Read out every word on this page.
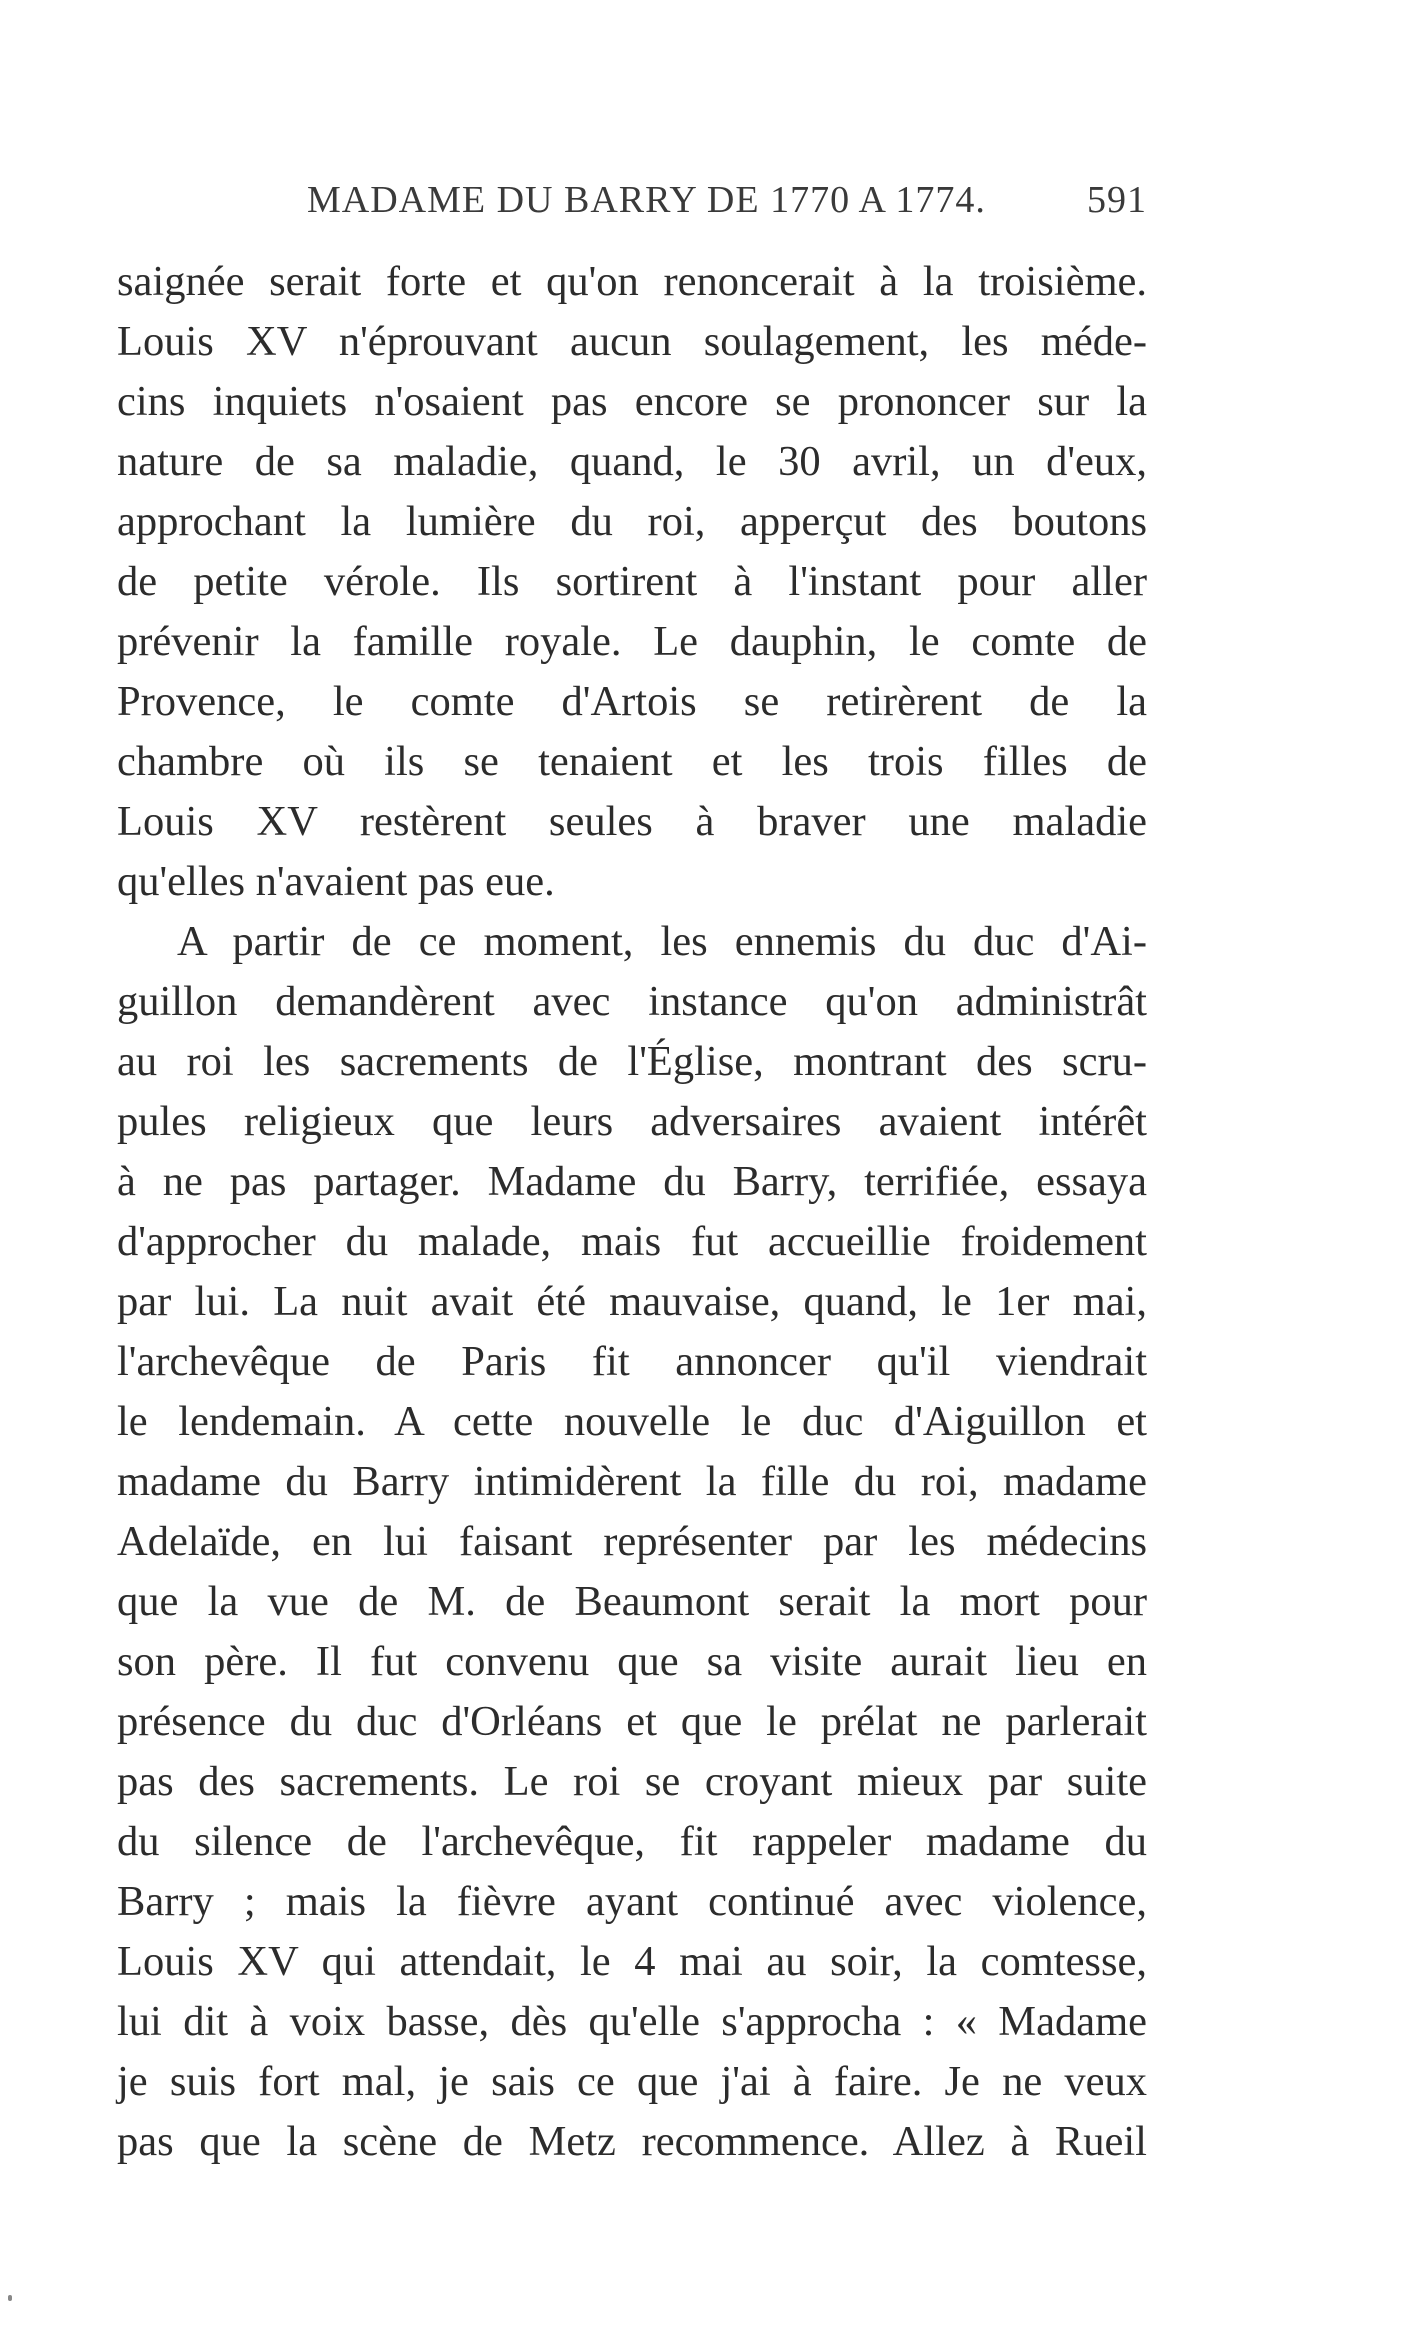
MADAME DU BARRY DE 1770 A 1774.	591
saignée serait forte et qu'on renoncerait à la troisième.
Louis XV n'éprouvant aucun soulagement, les méde-
cins inquiets n'osaient pas encore se prononcer sur la
nature de sa maladie, quand, le 30 avril, un d'eux,
approchant la lumière du roi, apperçut des boutons
de petite vérole. Ils sortirent à l'instant pour aller
prévenir la famille royale. Le dauphin, le comte de
Provence, le comte d'Artois se retirèrent de la
chambre où ils se tenaient et les trois filles de
Louis XV restèrent seules à braver une maladie
qu'elles n'avaient pas eue.
A partir de ce moment, les ennemis du duc d'Ai-
guillon demandèrent avec instance qu'on administrât
au roi les sacrements de l'Église, montrant des scru-
pules religieux que leurs adversaires avaient intérêt
à ne pas partager. Madame du Barry, terrifiée, essaya
d'approcher du malade, mais fut accueillie froidement
par lui. La nuit avait été mauvaise, quand, le 1er mai,
l'archevêque de Paris fit annoncer qu'il viendrait
le lendemain. A cette nouvelle le duc d'Aiguillon et
madame du Barry intimidèrent la fille du roi, madame
Adelaïde, en lui faisant représenter par les médecins
que la vue de M. de Beaumont serait la mort pour
son père. Il fut convenu que sa visite aurait lieu en
présence du duc d'Orléans et que le prélat ne parlerait
pas des sacrements. Le roi se croyant mieux par suite
du silence de l'archevêque, fit rappeler madame du
Barry ; mais la fièvre ayant continué avec violence,
Louis XV qui attendait, le 4 mai au soir, la comtesse,
lui dit à voix basse, dès qu'elle s'approcha : « Madame
je suis fort mal, je sais ce que j'ai à faire. Je ne veux
pas que la scène de Metz recommence. Allez à Rueil
